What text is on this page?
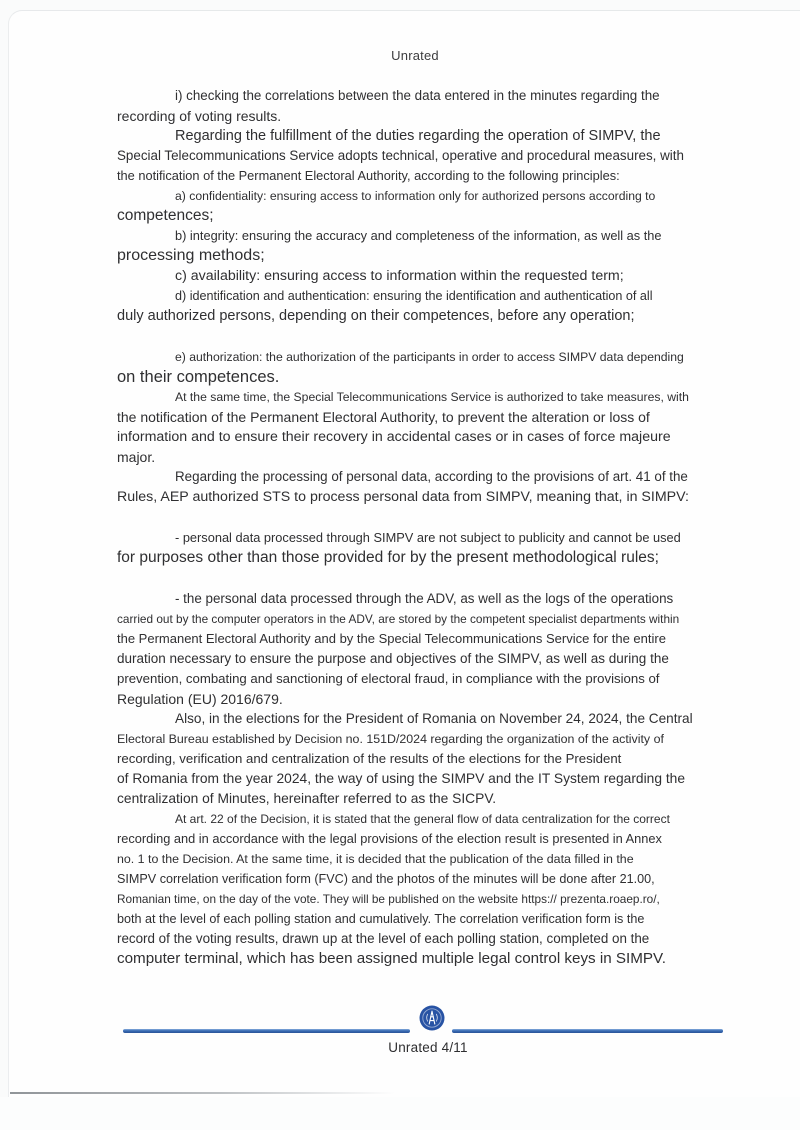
Unrated
i) checking the correlations between the data entered in the minutes regarding the
recording of voting results.
Regarding the fulfillment of the duties regarding the operation of SIMPV, the
Special Telecommunications Service adopts technical, operative and procedural measures, with
the notification of the Permanent Electoral Authority, according to the following principles:
a) confidentiality: ensuring access to information only for authorized persons according to
competences;
b) integrity: ensuring the accuracy and completeness of the information, as well as the
processing methods;
c) availability: ensuring access to information within the requested term;
d) identification and authentication: ensuring the identification and authentication of all
duly authorized persons, depending on their competences, before any operation;
e) authorization: the authorization of the participants in order to access SIMPV data depending
on their competences.
At the same time, the Special Telecommunications Service is authorized to take measures, with
the notification of the Permanent Electoral Authority, to prevent the alteration or loss of
information and to ensure their recovery in accidental cases or in cases of force majeure
major.
Regarding the processing of personal data, according to the provisions of art. 41 of the
Rules, AEP authorized STS to process personal data from SIMPV, meaning that, in SIMPV:
- personal data processed through SIMPV are not subject to publicity and cannot be used
for purposes other than those provided for by the present methodological rules;
- the personal data processed through the ADV, as well as the logs of the operations
carried out by the computer operators in the ADV, are stored by the competent specialist departments within
the Permanent Electoral Authority and by the Special Telecommunications Service for the entire
duration necessary to ensure the purpose and objectives of the SIMPV, as well as during the
prevention, combating and sanctioning of electoral fraud, in compliance with the provisions of
Regulation (EU) 2016/679.
Also, in the elections for the President of Romania on November 24, 2024, the Central
Electoral Bureau established by Decision no. 151D/2024 regarding the organization of the activity of
recording, verification and centralization of the results of the elections for the President
of Romania from the year 2024, the way of using the SIMPV and the IT System regarding the
centralization of Minutes, hereinafter referred to as the SICPV.
At art. 22 of the Decision, it is stated that the general flow of data centralization for the correct
recording and in accordance with the legal provisions of the election result is presented in Annex
no. 1 to the Decision. At the same time, it is decided that the publication of the data filled in the
SIMPV correlation verification form (FVC) and the photos of the minutes will be done after 21.00,
Romanian time, on the day of the vote. They will be published on the website https:// prezenta.roaep.ro/,
both at the level of each polling station and cumulatively. The correlation verification form is the
record of the voting results, drawn up at the level of each polling station, completed on the
computer terminal, which has been assigned multiple legal control keys in SIMPV.
Unrated 4/11
